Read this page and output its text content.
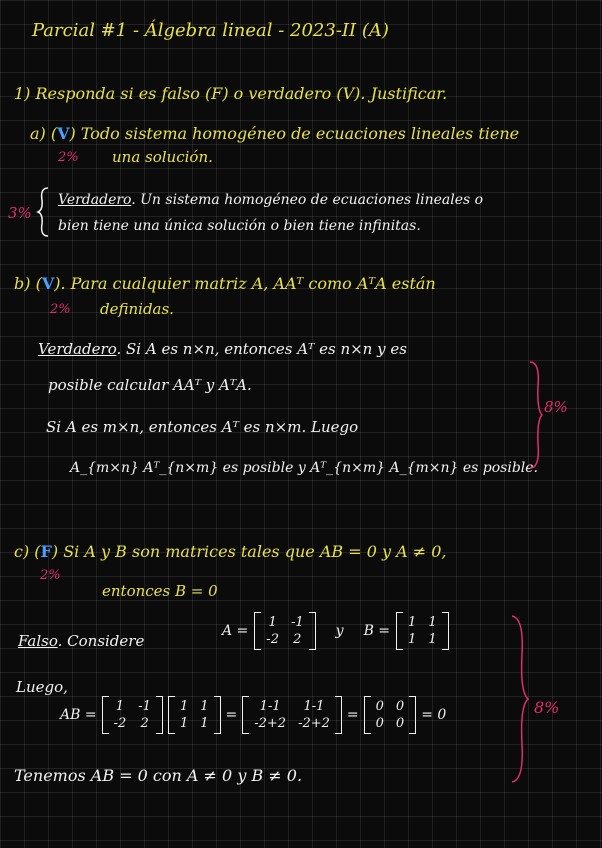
Parcial #1 - Álgebra lineal - 2023-II (A)
1) Responda si es falso (F) o verdadero (V). Justificar.
a) (V) Todo sistema homogéneo de ecuaciones lineales tiene
una solución.
2%
3%
Verdadero. Un sistema homogéneo de ecuaciones lineales o
bien tiene una única solución o bien tiene infinitas.
b) (V). Para cualquier matriz A, AAᵀ como AᵀA están
definidas.
2%
Verdadero. Si A es n×n, entonces Aᵀ es n×n y es
posible calcular AAᵀ y AᵀA.
Si A es m×n, entonces Aᵀ es n×m. Luego
A_{m×n} Aᵀ_{n×m} es posible y Aᵀ_{n×m} A_{m×n} es posible.
8%
c) (F) Si A y B son matrices tales que AB = 0 y A ≠ 0,
entonces B = 0
2%
Falso. Considere
A =
1	-1
-2	2
y B =
1	1
1	1
Luego,
AB =
1	-1
-2	2
1	1
1	1
=
1-1	1-1
-2+2	-2+2
=
0	0
0	0
= 0
Tenemos AB = 0 con A ≠ 0 y B ≠ 0.
8%
